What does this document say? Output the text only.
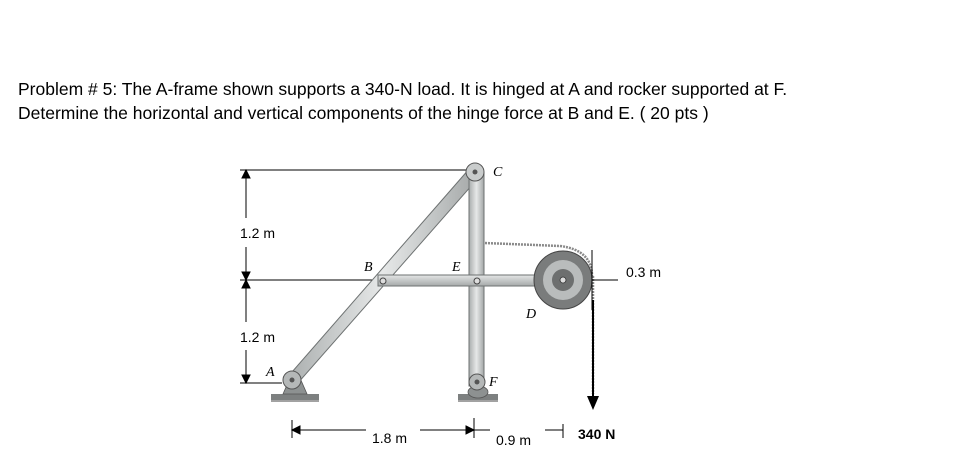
Problem # 5: The A-frame shown supports a 340-N load. It is hinged at A and rocker supported at F.
Determine the horizontal and vertical components of the hinge force at B and E. ( 20 pts )
1.2 m
1.2 m
1.8 m	0.9 m
0.3 m
340 N
A
B
C
D
E
F
